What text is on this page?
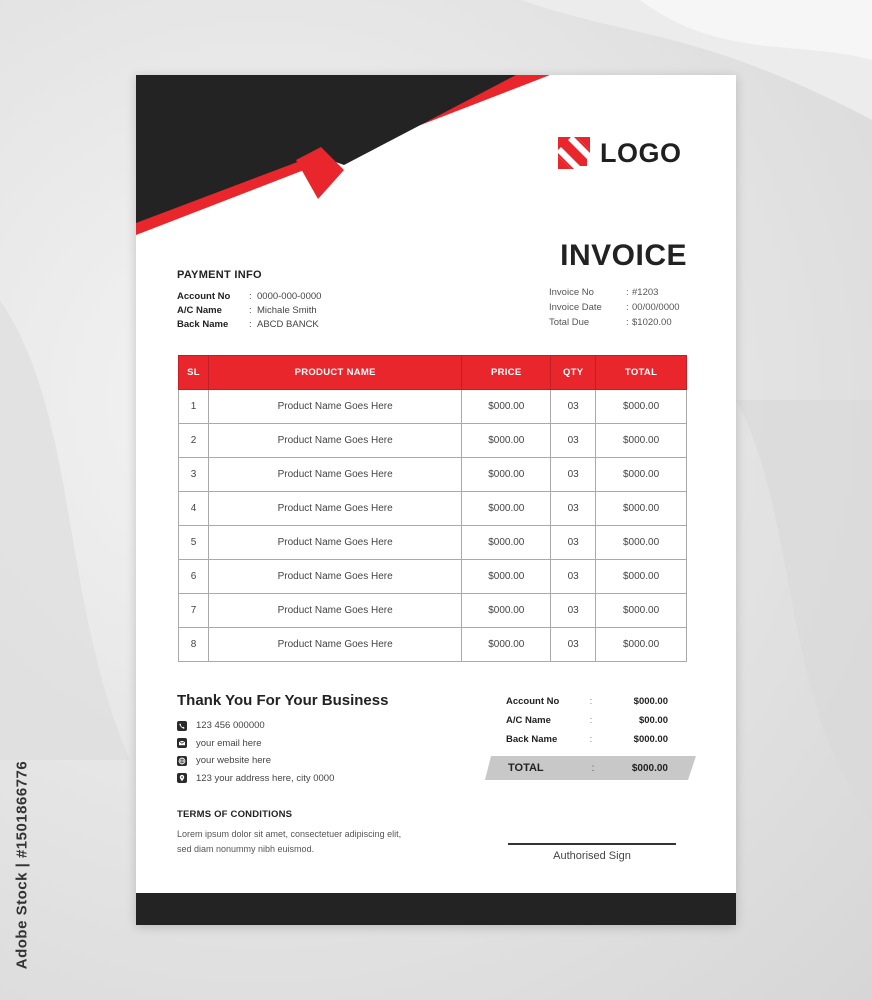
Adobe Stock | #1501866776
LOGO
INVOICE
Invoice No	: #1203
Invoice Date	: 00/00/0000
Total Due	: $1020.00
PAYMENT INFO
Account No	: 0000-000-0000
A/C Name	: Michale Smith
Back Name	: ABCD BANCK
SL	PRODUCT NAME	PRICE	QTY	TOTAL
1	Product Name Goes Here	$000.00	03	$000.00
2	Product Name Goes Here	$000.00	03	$000.00
3	Product Name Goes Here	$000.00	03	$000.00
4	Product Name Goes Here	$000.00	03	$000.00
5	Product Name Goes Here	$000.00	03	$000.00
6	Product Name Goes Here	$000.00	03	$000.00
7	Product Name Goes Here	$000.00	03	$000.00
8	Product Name Goes Here	$000.00	03	$000.00
Thank You For Your Business
123 456 000000
your email here
your website here
123 your address here, city 0000
Account No	:	$000.00
A/C Name	:	$00.00
Back Name	:	$000.00
TOTAL	:	$000.00
TERMS OF CONDITIONS
Lorem ipsum dolor sit amet, consectetuer adipiscing elit,
sed diam nonummy nibh euismod.
Authorised Sign
